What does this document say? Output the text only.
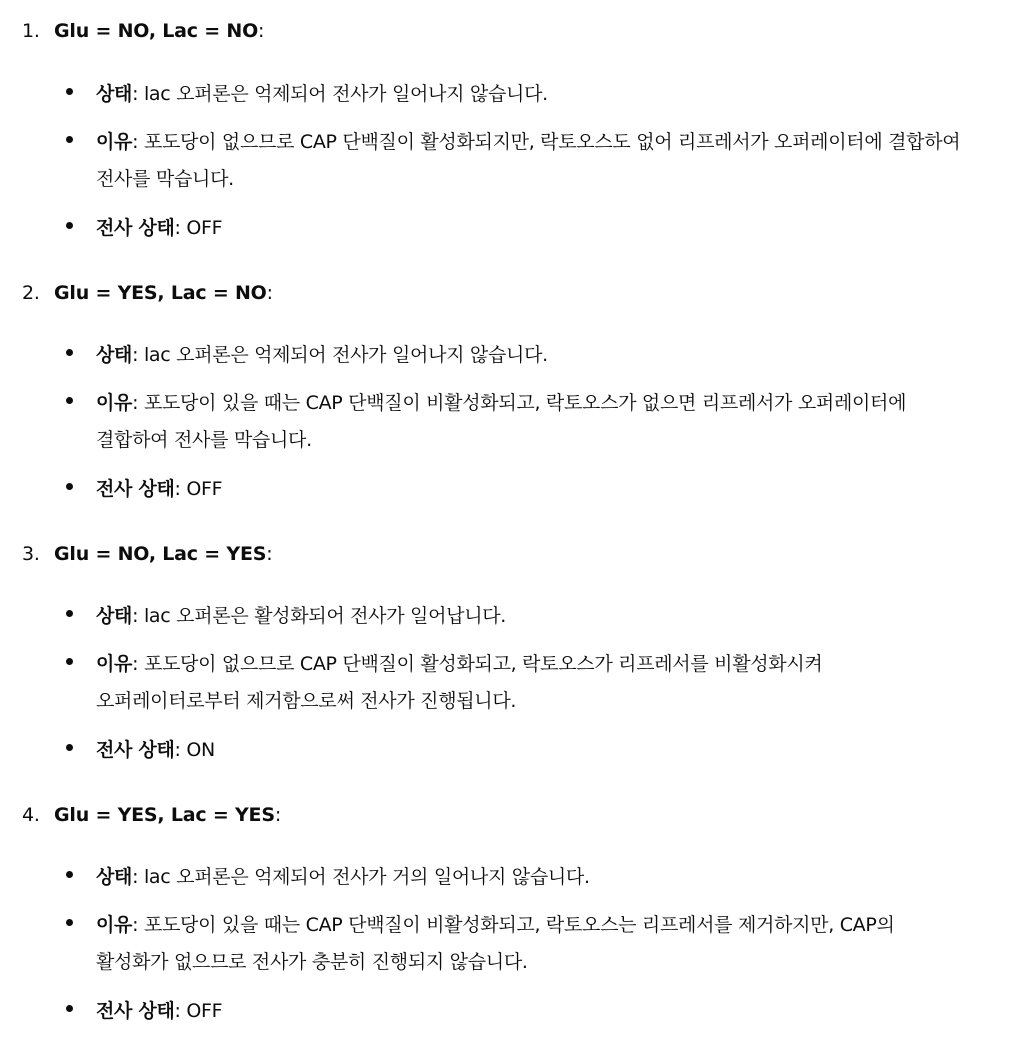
1. Glu = NO, Lac = NO:
상태: lac 오퍼론은 억제되어 전사가 일어나지 않습니다.
이유: 포도당이 없으므로 CAP 단백질이 활성화되지만, 락토오스도 없어 리프레서가 오퍼레이터에 결합하여 전사를 막습니다.
전사 상태: OFF
2. Glu = YES, Lac = NO:
상태: lac 오퍼론은 억제되어 전사가 일어나지 않습니다.
이유: 포도당이 있을 때는 CAP 단백질이 비활성화되고, 락토오스가 없으면 리프레서가 오퍼레이터에 결합하여 전사를 막습니다.
전사 상태: OFF
3. Glu = NO, Lac = YES:
상태: lac 오퍼론은 활성화되어 전사가 일어납니다.
이유: 포도당이 없으므로 CAP 단백질이 활성화되고, 락토오스가 리프레서를 비활성화시켜 오퍼레이터로부터 제거함으로써 전사가 진행됩니다.
전사 상태: ON
4. Glu = YES, Lac = YES:
상태: lac 오퍼론은 억제되어 전사가 거의 일어나지 않습니다.
이유: 포도당이 있을 때는 CAP 단백질이 비활성화되고, 락토오스는 리프레서를 제거하지만, CAP의 활성화가 없으므로 전사가 충분히 진행되지 않습니다.
전사 상태: OFF
